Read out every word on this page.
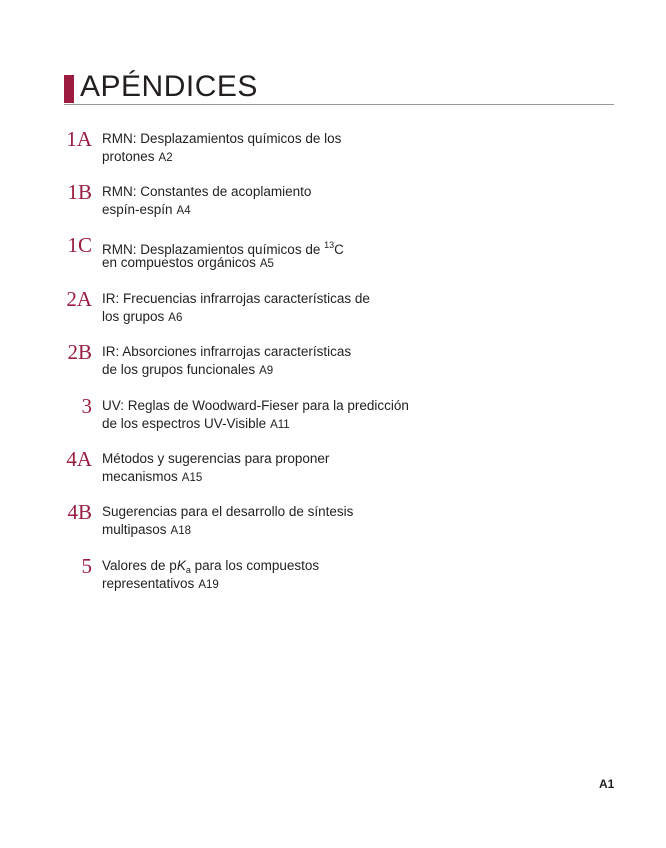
APÉNDICES
1A RMN: Desplazamientos químicos de los
protones A2
1B RMN: Constantes de acoplamiento
espín-espín A4
1C RMN: Desplazamientos químicos de $^{13}$C
en compuestos orgánicos A5
2A IR: Frecuencias infrarrojas características de
los grupos A6
2B IR: Absorciones infrarrojas características
de los grupos funcionales A9
3 UV: Reglas de Woodward-Fieser para la predicción
de los espectros UV-Visible A11
4A Métodos y sugerencias para proponer
mecanismos A15
4B Sugerencias para el desarrollo de síntesis
multipasos A18
5 Valores de $pK_a$ para los compuestos
representativos A19
A1
